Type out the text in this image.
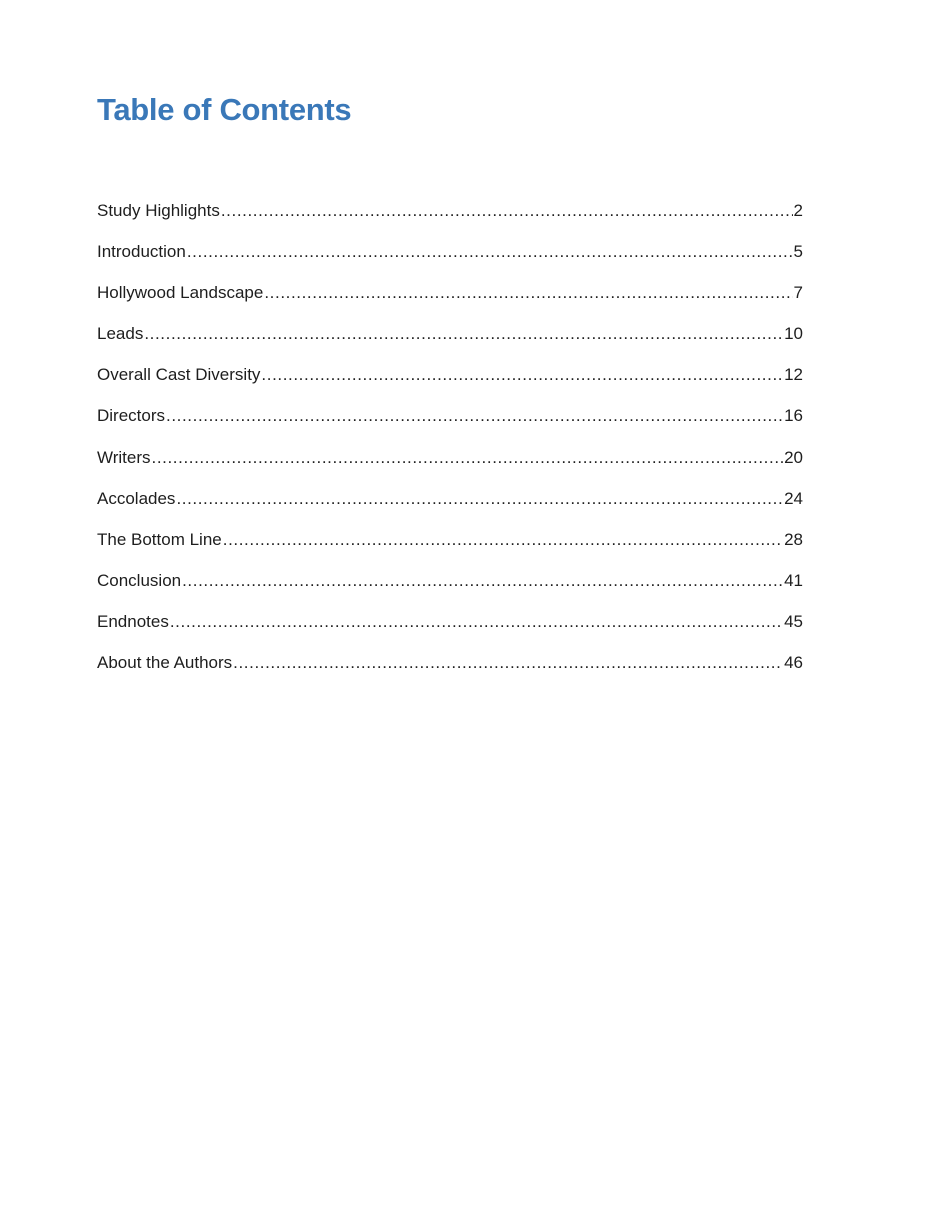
Table of Contents
Study Highlights .....	2
Introduction .....	5
Hollywood Landscape .....	7
Leads .....	10
Overall Cast Diversity .....	12
Directors .....	16
Writers .....	20
Accolades .....	24
The Bottom Line .....	28
Conclusion .....	41
Endnotes .....	45
About the Authors .....	46
